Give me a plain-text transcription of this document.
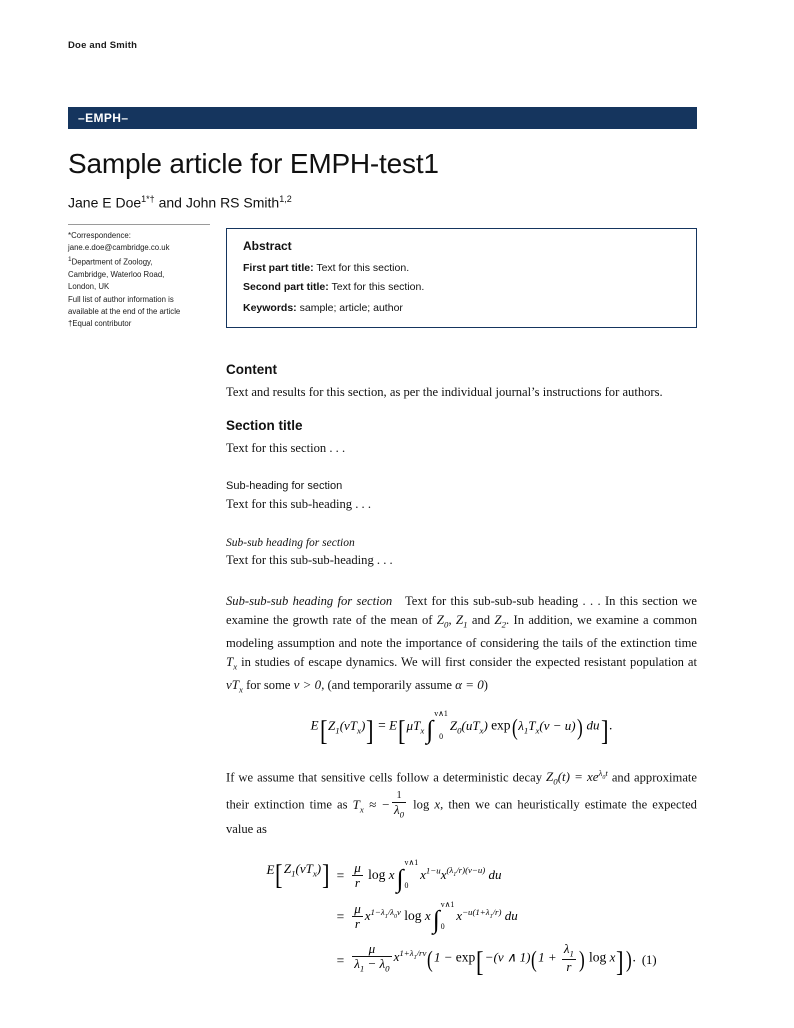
Doe and Smith
–EMPH–
Sample article for EMPH-test1
Jane E Doe$^{1*\dagger}$ and John RS Smith$^{1,2}$
*Correspondence:
jane.e.doe@cambridge.co.uk
$^1$Department of Zoology,
Cambridge, Waterloo Road,
London, UK
Full list of author information is
available at the end of the article
†Equal contributor
Abstract
First part title: Text for this section.
Second part title: Text for this section.
Keywords: sample; article; author
Content

Text and results for this section, as per the individual journal’s instructions for authors.

Section title

Text for this section . . .

Sub-heading for section

Text for this sub-heading . . .

Sub-sub heading for section

Text for this sub-sub-heading . . .

Sub-sub-sub heading for section   Text for this sub-sub-sub heading . . . In this section we examine the growth rate of the mean of $Z_0$, $Z_1$ and $Z_2$. In addition, we examine a common modeling assumption and note the importance of considering the tails of the extinction time $T_x$ in studies of escape dynamics. We will first consider the expected resistant population at $vT_x$ for some v > 0, (and temporarily assume α = 0)

$E[Z_1(vT_x)] = E[\mu T_x\int$
v∧1
0
$Z_0(uT_x) \exp(\lambda_1T_x(v - u))$ du].

If we assume that sensitive cells follow a deterministic decay $Z_0(t) = xe^{\lambda_0t}$ and approximate their extinction time as $T_x$ ≈ − $\frac{1}{\lambda_0}$ log x, then we can heuristically estimate the expected value as

$E[Z_1(vT_x)]$	=	$\frac{\mu}{r}$ log x∫
v∧1
0
$x^{1-u}x^{(\lambda_1/r)(v-u)}$ du	
	=	$\frac{\mu}{r} x^{1-\lambda_1/\lambda_0v}$ log x∫
v∧1
0
$x^{-u(1+\lambda_1/r)}$ du	
	=	$\frac{\mu}{\lambda_1 - \lambda_0} x^{1+\lambda_1/rv}(1 - \exp[-(v$ ∧ $1)(1 + \frac{\lambda_1}{r}$ ) log x]).	(1)
